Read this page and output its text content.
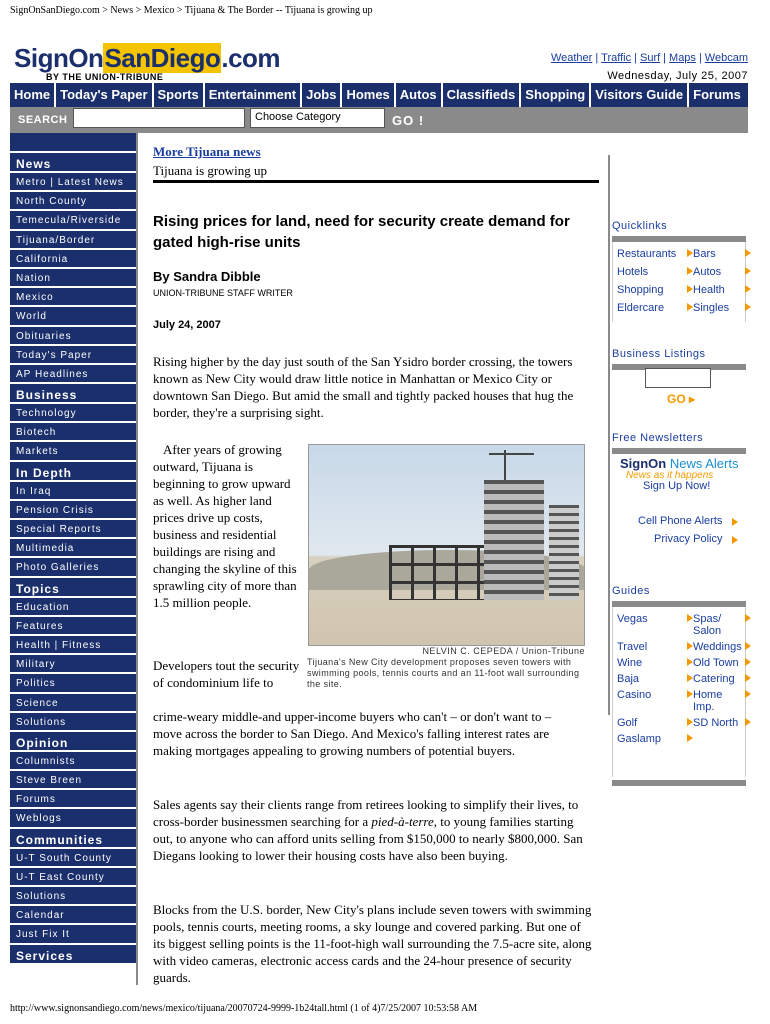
SignOnSanDiego.com > News > Mexico > Tijuana & The Border -- Tijuana is growing up
SignOnSanDiego.com
BY THE UNION-TRIBUNE
Weather | Traffic | Surf | Maps | Webcam
Wednesday, July 25, 2007
Home Today's Paper Sports Entertainment Jobs Homes Autos Classifieds Shopping Visitors Guide Forums
SEARCH	Choose Category	GO !
News
Metro | Latest News
North County
Temecula/Riverside
Tijuana/Border
California
Nation
Mexico
World
Obituaries
Today's Paper
AP Headlines
Business
Technology
Biotech
Markets
In Depth
In Iraq
Pension Crisis
Special Reports
Multimedia
Photo Galleries
Topics
Education
Features
Health | Fitness
Military
Politics
Science
Solutions
Opinion
Columnists
Steve Breen
Forums
Weblogs
Communities
U-T South County
U-T East County
Solutions
Calendar
Just Fix It
Services
More Tijuana news
Tijuana is growing up
Rising prices for land, need for security create demand for gated high-rise units
By Sandra Dibble
UNION-TRIBUNE STAFF WRITER
July 24, 2007
Rising higher by the day just south of the San Ysidro border crossing, the towers known as New City would draw little notice in Manhattan or Mexico City or downtown San Diego. But amid the small and tightly packed houses that hug the border, they're a surprising sight.
After years of growing outward, Tijuana is beginning to grow upward as well. As higher land prices drive up costs, business and residential buildings are rising and changing the skyline of this sprawling city of more than 1.5 million people.
NELVIN C. CEPEDA / Union-Tribune
Tijuana's New City development proposes seven towers with swimming pools, tennis courts and an 11-foot wall surrounding the site.
Developers tout the security of condominium life to
crime-weary middle-and upper-income buyers who can't – or don't want to – move across the border to San Diego. And Mexico's falling interest rates are making mortgages appealing to growing numbers of potential buyers.
Sales agents say their clients range from retirees looking to simplify their lives, to cross-border businessmen searching for a pied-à-terre, to young families starting out, to anyone who can afford units selling from $150,000 to nearly $800,000. San Diegans looking to lower their housing costs have also been buying.
Blocks from the U.S. border, New City's plans include seven towers with swimming pools, tennis courts, meeting rooms, a sky lounge and covered parking. But one of its biggest selling points is the 11-foot-high wall surrounding the 7.5-acre site, along with video cameras, electronic access cards and the 24-hour presence of security guards.
Quicklinks
Restaurants	Bars
Hotels	Autos
Shopping	Health
Eldercare	Singles
Business Listings
GO ▸
Free Newsletters
SignOn News Alerts
News as it happens
Sign Up Now!
Cell Phone Alerts
Privacy Policy
Guides
Vegas	Spas/ Salon
Travel	Weddings
Wine	Old Town
Baja	Catering
Casino	Home Imp.
Golf	SD North
Gaslamp
http://www.signonsandiego.com/news/mexico/tijuana/20070724-9999-1b24tall.html (1 of 4)7/25/2007 10:53:58 AM
